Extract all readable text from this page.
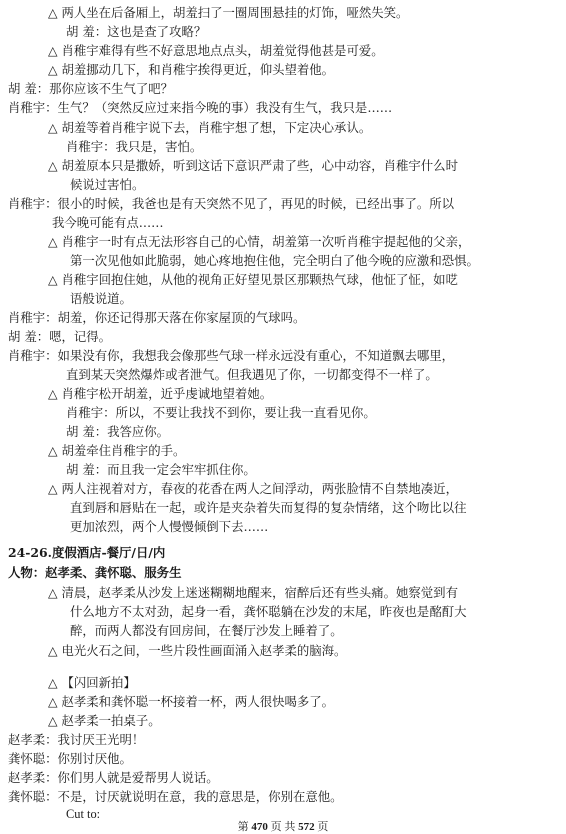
△ 两人坐在后备厢上，胡羞扫了一圈周围悬挂的灯饰，哑然失笑。
胡 羞：这也是查了攻略？
△ 肖稚宇难得有些不好意思地点点头，胡羞觉得他甚是可爱。
△ 胡羞挪动几下，和肖稚宇挨得更近，仰头望着他。
胡 羞：那你应该不生气了吧？
肖稚宇：生气？（突然反应过来指今晚的事）我没有生气，我只是……
△ 胡羞等着肖稚宇说下去，肖稚宇想了想，下定决心承认。
肖稚宇：我只是，害怕。
△ 胡羞原本只是撒娇，听到这话下意识严肃了些，心中动容，肖稚宇什么时
候说过害怕。
肖稚宇：很小的时候，我爸也是有天突然不见了，再见的时候，已经出事了。所以
我今晚可能有点……
△ 肖稚宇一时有点无法形容自己的心情，胡羞第一次听肖稚宇提起他的父亲，
第一次见他如此脆弱，她心疼地抱住他，完全明白了他今晚的应激和恐惧。
△ 肖稚宇回抱住她，从他的视角正好望见景区那颗热气球，他怔了怔，如呓
语般说道。
肖稚宇：胡羞，你还记得那天落在你家屋顶的气球吗。
胡 羞：嗯，记得。
肖稚宇：如果没有你，我想我会像那些气球一样永远没有重心，不知道飘去哪里，
直到某天突然爆炸或者泄气。但我遇见了你，一切都变得不一样了。
△ 肖稚宇松开胡羞，近乎虔诚地望着她。
肖稚宇：所以，不要让我找不到你，要让我一直看见你。
胡 羞：我答应你。
△ 胡羞牵住肖稚宇的手。
胡 羞：而且我一定会牢牢抓住你。
△ 两人注视着对方，春夜的花香在两人之间浮动，两张脸情不自禁地凑近，
直到唇和唇贴在一起，或许是夹杂着失而复得的复杂情绪，这个吻比以往
更加浓烈，两个人慢慢倾倒下去……
24-26.度假酒店-餐厅/日/内
人物：赵孝柔、龚怀聪、服务生
△ 清晨，赵孝柔从沙发上迷迷糊糊地醒来，宿醉后还有些头痛。她察觉到有
什么地方不太对劲，起身一看，龚怀聪躺在沙发的末尾，昨夜也是酩酊大
醉，而两人都没有回房间，在餐厅沙发上睡着了。
△ 电光火石之间，一些片段性画面涌入赵孝柔的脑海。
△ 【闪回新拍】
△ 赵孝柔和龚怀聪一杯接着一杯，两人很快喝多了。
△ 赵孝柔一拍桌子。
赵孝柔：我讨厌王光明！
龚怀聪：你别讨厌他。
赵孝柔：你们男人就是爱帮男人说话。
龚怀聪：不是，讨厌就说明在意，我的意思是，你别在意他。
Cut to:
第 470 页 共 572 页
